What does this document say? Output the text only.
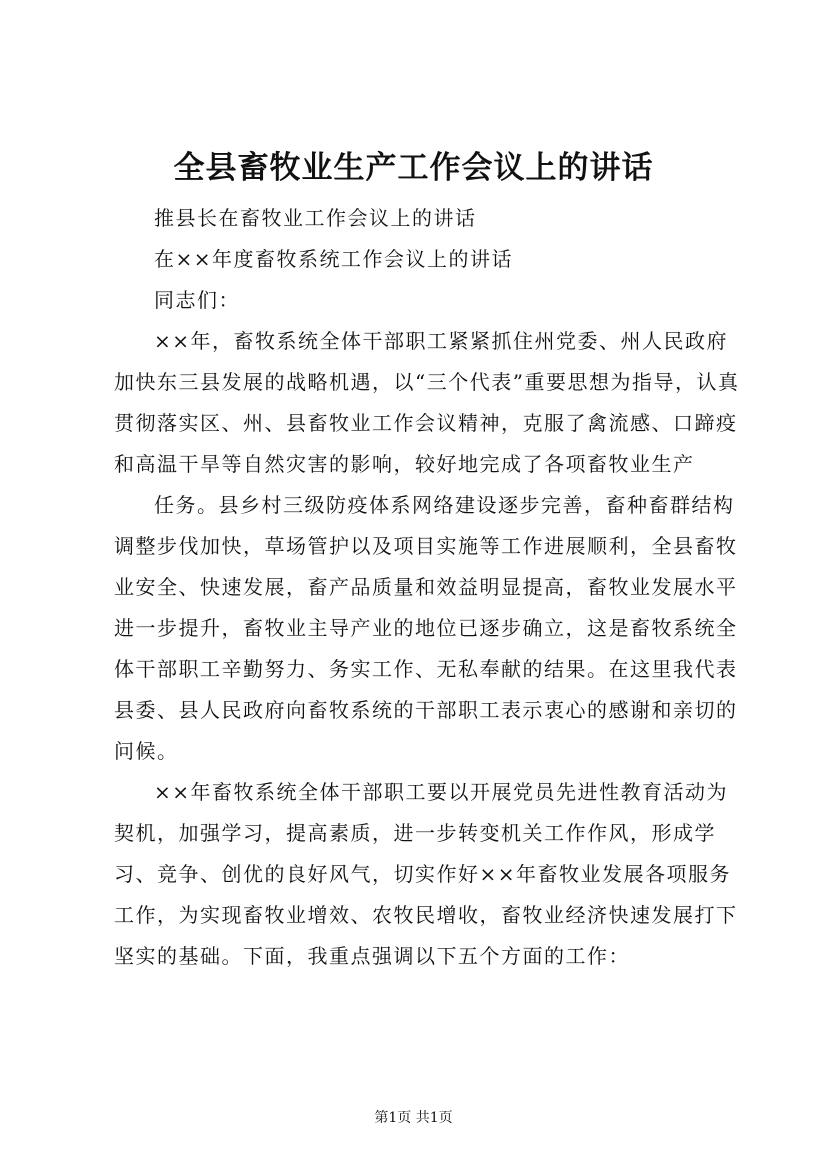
全县畜牧业生产工作会议上的讲话

推县长在畜牧业工作会议上的讲话

在××年度畜牧系统工作会议上的讲话

同志们：

××年，畜牧系统全体干部职工紧紧抓住州党委、州人民政府加快东三县发展的战略机遇，以“三个代表”重要思想为指导，认真贯彻落实区、州、县畜牧业工作会议精神，克服了禽流感、口蹄疫和高温干旱等自然灾害的影响，较好地完成了各项畜牧业生产

任务。县乡村三级防疫体系网络建设逐步完善，畜种畜群结构调整步伐加快，草场管护以及项目实施等工作进展顺利，全县畜牧业安全、快速发展，畜产品质量和效益明显提高，畜牧业发展水平进一步提升，畜牧业主导产业的地位已逐步确立，这是畜牧系统全体干部职工辛勤努力、务实工作、无私奉献的结果。在这里我代表县委、县人民政府向畜牧系统的干部职工表示衷心的感谢和亲切的问候。

××年畜牧系统全体干部职工要以开展党员先进性教育活动为契机，加强学习，提高素质，进一步转变机关工作作风，形成学习、竞争、创优的良好风气，切实作好××年畜牧业发展各项服务工作，为实现畜牧业增效、农牧民增收，畜牧业经济快速发展打下坚实的基础。下面，我重点强调以下五个方面的工作：

第1页 共1页
